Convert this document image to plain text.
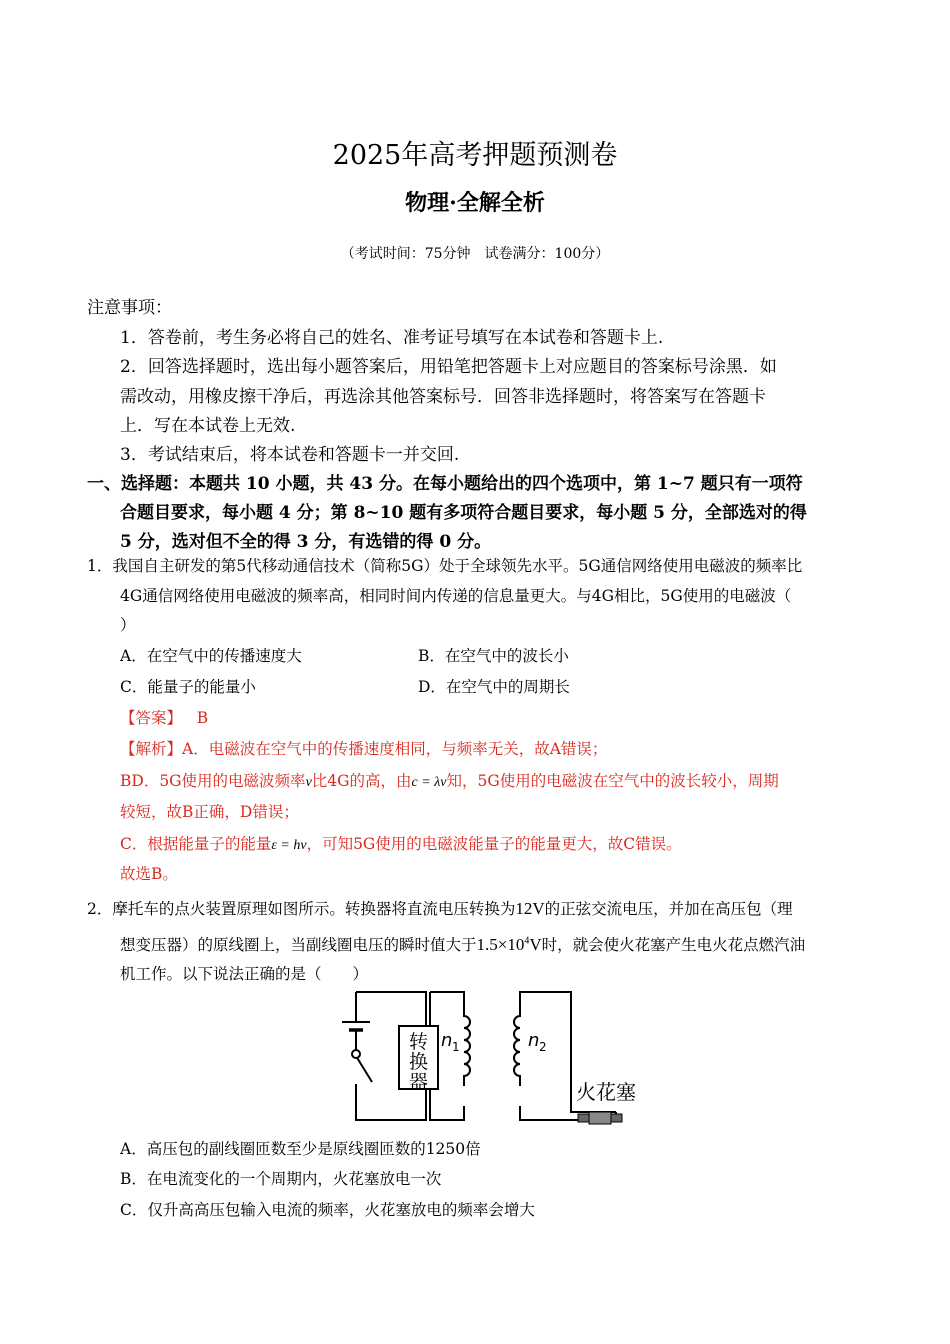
2025年高考押题预测卷
物理·全解全析
（考试时间：75分钟　试卷满分：100分）
注意事项：
1．答卷前，考生务必将自己的姓名、准考证号填写在本试卷和答题卡上.
2．回答选择题时，选出每小题答案后，用铅笔把答题卡上对应题目的答案标号涂黑．如
需改动，用橡皮擦干净后，再选涂其他答案标号．回答非选择题时，将答案写在答题卡
上．写在本试卷上无效.
3．考试结束后，将本试卷和答题卡一并交回.
一、选择题：本题共 10 小题，共 43 分。在每小题给出的四个选项中，第 1~7 题只有一项符
合题目要求，每小题 4 分；第 8~10 题有多项符合题目要求，每小题 5 分，全部选对的得
5 分，选对但不全的得 3 分，有选错的得 0 分。
1．我国自主研发的第5代移动通信技术（简称5G）处于全球领先水平。5G通信网络使用电磁波的频率比
4G通信网络使用电磁波的频率高，相同时间内传递的信息量更大。与4G相比，5G使用的电磁波（
）
A．在空气中的传播速度大	B．在空气中的波长小
C．能量子的能量小	D．在空气中的周期长
【答案】 B
【解析】A．电磁波在空气中的传播速度相同，与频率无关，故A错误；
BD．5G使用的电磁波频率ν比4G的高，由c = λν知，5G使用的电磁波在空气中的波长较小，周期
较短，故B正确，D错误；
C．根据能量子的能量ε = hν，可知5G使用的电磁波能量子的能量更大，故C错误。
故选B。
2．摩托车的点火装置原理如图所示。转换器将直流电压转换为12V的正弦交流电压，并加在高压包（理
想变压器）的原线圈上，当副线圈电压的瞬时值大于$1.5\times 10^4V$时，就会使火花塞产生电火花点燃汽油
机工作。以下说法正确的是（　　）
转
换
器
n 1	n 2
火花塞
A．高压包的副线圈匝数至少是原线圈匝数的1250倍
B．在电流变化的一个周期内，火花塞放电一次
C．仅升高高压包输入电流的频率，火花塞放电的频率会增大
